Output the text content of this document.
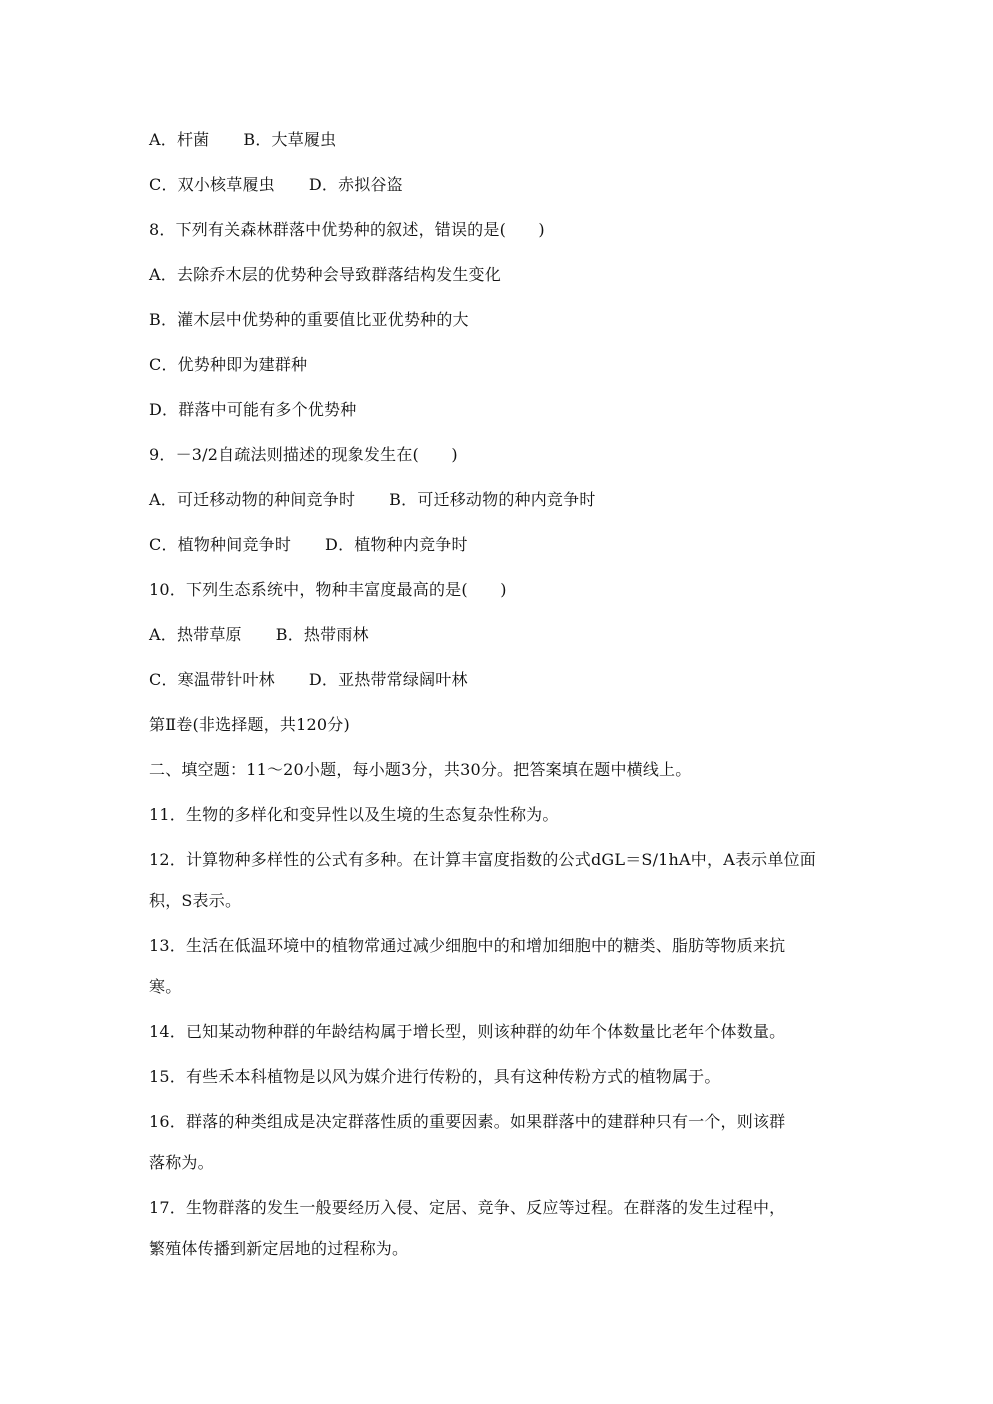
A．杆菌 B．大草履虫
C．双小核草履虫 D．赤拟谷盗
8．下列有关森林群落中优势种的叙述，错误的是(　　)
A．去除乔木层的优势种会导致群落结构发生变化
B．灌木层中优势种的重要值比亚优势种的大
C．优势种即为建群种
D．群落中可能有多个优势种
9．－3/2自疏法则描述的现象发生在(　　)
A．可迁移动物的种间竞争时 B．可迁移动物的种内竞争时
C．植物种间竞争时 D．植物种内竞争时
10．下列生态系统中，物种丰富度最高的是(　　)
A．热带草原 B．热带雨林
C．寒温带针叶林 D．亚热带常绿阔叶林
第Ⅱ卷(非选择题，共120分)
二、填空题：11～20小题，每小题3分，共30分。把答案填在题中横线上。
11．生物的多样化和变异性以及生境的生态复杂性称为。
12．计算物种多样性的公式有多种。在计算丰富度指数的公式dGL＝S/1hA中，A表示单位面
积，S表示。
13．生活在低温环境中的植物常通过减少细胞中的和增加细胞中的糖类、脂肪等物质来抗
寒。
14．已知某动物种群的年龄结构属于增长型，则该种群的幼年个体数量比老年个体数量。
15．有些禾本科植物是以风为媒介进行传粉的，具有这种传粉方式的植物属于。
16．群落的种类组成是决定群落性质的重要因素。如果群落中的建群种只有一个，则该群
落称为。
17．生物群落的发生一般要经历入侵、定居、竞争、反应等过程。在群落的发生过程中，
繁殖体传播到新定居地的过程称为。
